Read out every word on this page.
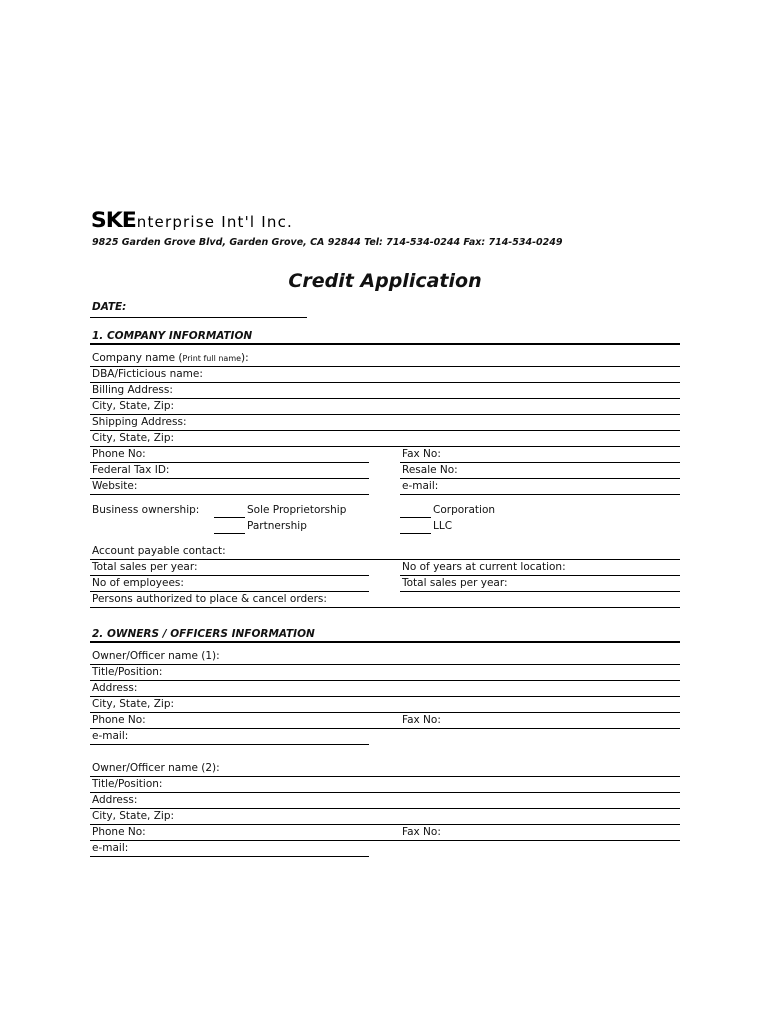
SKE nterprise Int'l Inc.
9825 Garden Grove Blvd, Garden Grove, CA 92844 Tel: 714-534-0244 Fax: 714-534-0249
Credit Application
DATE:
1. COMPANY INFORMATION
Company name (Print full name):
DBA/Ficticious name:
Billing Address:
City, State, Zip:
Shipping Address:
City, State, Zip:
Phone No:	Fax No:
Federal Tax ID:	Resale No:
Website:	e-mail:
Business ownership:	Sole Proprietorship	Corporation
Partnership	LLC
Account payable contact:
Total sales per year:	No of years at current location:
No of employees:	Total sales per year:
Persons authorized to place & cancel orders:
2. OWNERS / OFFICERS INFORMATION
Owner/Officer name (1):
Title/Position:
Address:
City, State, Zip:
Phone No:	Fax No:
e-mail:
Owner/Officer name (2):
Title/Position:
Address:
City, State, Zip:
Phone No:	Fax No:
e-mail:
